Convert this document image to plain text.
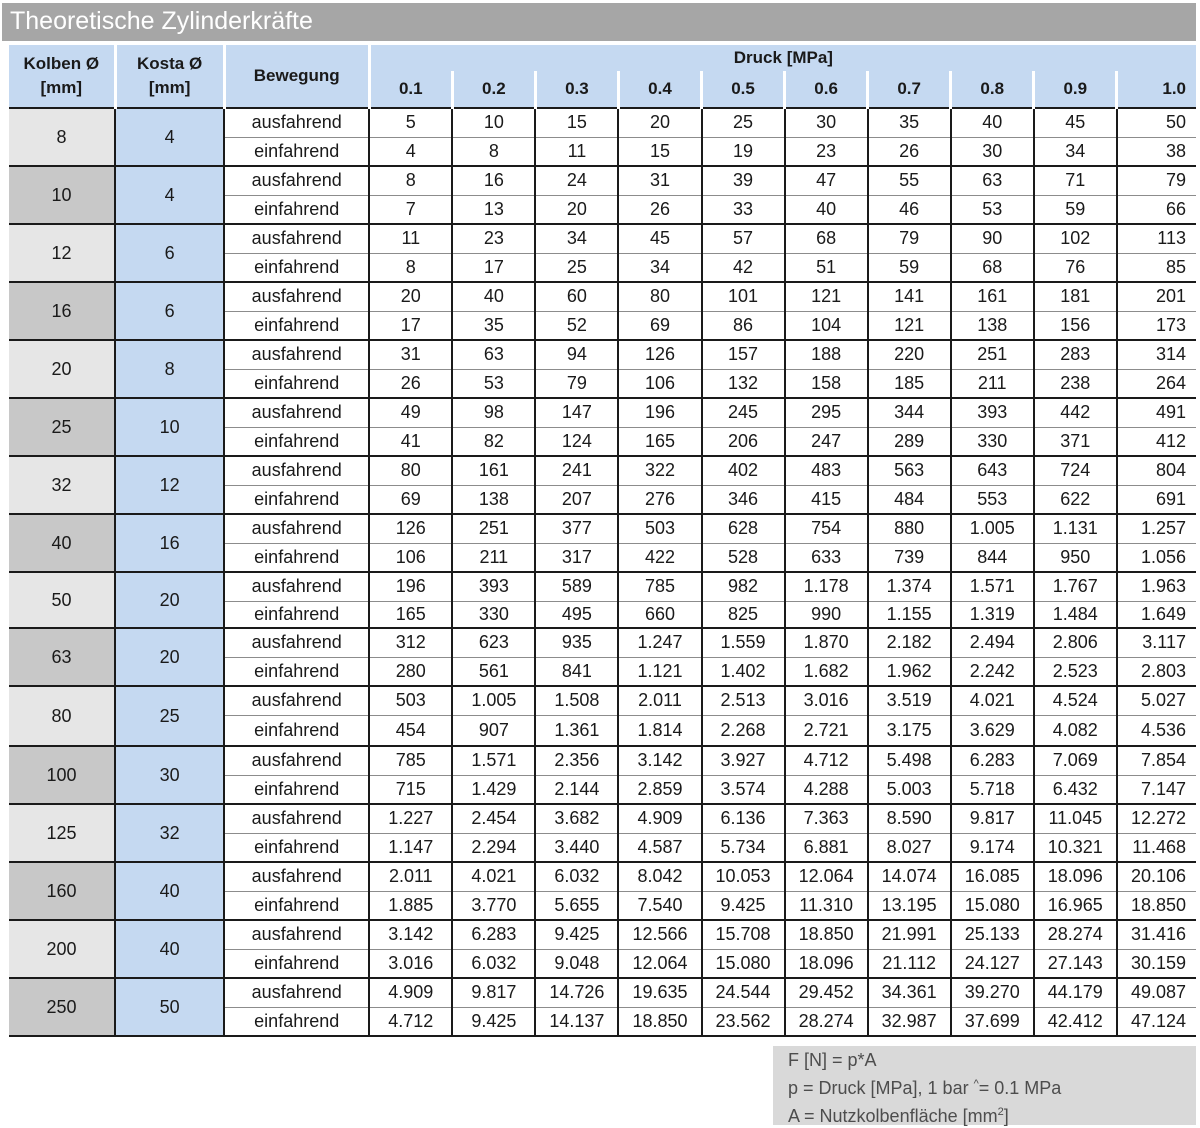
Theoretische Zylinderkräfte
Kolben Ø
[mm]	Kosta Ø
[mm]	Bewegung	Druck [MPa]									
			0.1	0.2	0.3	0.4	0.5	0.6	0.7	0.8	0.9	1.0
8	4	ausfahrend	5	10	15	20	25	30	35	40	45	50
		einfahrend	4	8	11	15	19	23	26	30	34	38
10	4	ausfahrend	8	16	24	31	39	47	55	63	71	79
		einfahrend	7	13	20	26	33	40	46	53	59	66
12	6	ausfahrend	11	23	34	45	57	68	79	90	102	113
		einfahrend	8	17	25	34	42	51	59	68	76	85
16	6	ausfahrend	20	40	60	80	101	121	141	161	181	201
		einfahrend	17	35	52	69	86	104	121	138	156	173
20	8	ausfahrend	31	63	94	126	157	188	220	251	283	314
		einfahrend	26	53	79	106	132	158	185	211	238	264
25	10	ausfahrend	49	98	147	196	245	295	344	393	442	491
		einfahrend	41	82	124	165	206	247	289	330	371	412
32	12	ausfahrend	80	161	241	322	402	483	563	643	724	804
		einfahrend	69	138	207	276	346	415	484	553	622	691
40	16	ausfahrend	126	251	377	503	628	754	880	1.005	1.131	1.257
		einfahrend	106	211	317	422	528	633	739	844	950	1.056
50	20	ausfahrend	196	393	589	785	982	1.178	1.374	1.571	1.767	1.963
		einfahrend	165	330	495	660	825	990	1.155	1.319	1.484	1.649
63	20	ausfahrend	312	623	935	1.247	1.559	1.870	2.182	2.494	2.806	3.117
		einfahrend	280	561	841	1.121	1.402	1.682	1.962	2.242	2.523	2.803
80	25	ausfahrend	503	1.005	1.508	2.011	2.513	3.016	3.519	4.021	4.524	5.027
		einfahrend	454	907	1.361	1.814	2.268	2.721	3.175	3.629	4.082	4.536
100	30	ausfahrend	785	1.571	2.356	3.142	3.927	4.712	5.498	6.283	7.069	7.854
		einfahrend	715	1.429	2.144	2.859	3.574	4.288	5.003	5.718	6.432	7.147
125	32	ausfahrend	1.227	2.454	3.682	4.909	6.136	7.363	8.590	9.817	11.045	12.272
		einfahrend	1.147	2.294	3.440	4.587	5.734	6.881	8.027	9.174	10.321	11.468
160	40	ausfahrend	2.011	4.021	6.032	8.042	10.053	12.064	14.074	16.085	18.096	20.106
		einfahrend	1.885	3.770	5.655	7.540	9.425	11.310	13.195	15.080	16.965	18.850
200	40	ausfahrend	3.142	6.283	9.425	12.566	15.708	18.850	21.991	25.133	28.274	31.416
		einfahrend	3.016	6.032	9.048	12.064	15.080	18.096	21.112	24.127	27.143	30.159
250	50	ausfahrend	4.909	9.817	14.726	19.635	24.544	29.452	34.361	39.270	44.179	49.087
		einfahrend	4.712	9.425	14.137	18.850	23.562	28.274	32.987	37.699	42.412	47.124
F [N] = p*A
p = Druck [MPa], 1 bar ^= 0.1 MPa
A = Nutzkolbenfläche $[mm^2]$
